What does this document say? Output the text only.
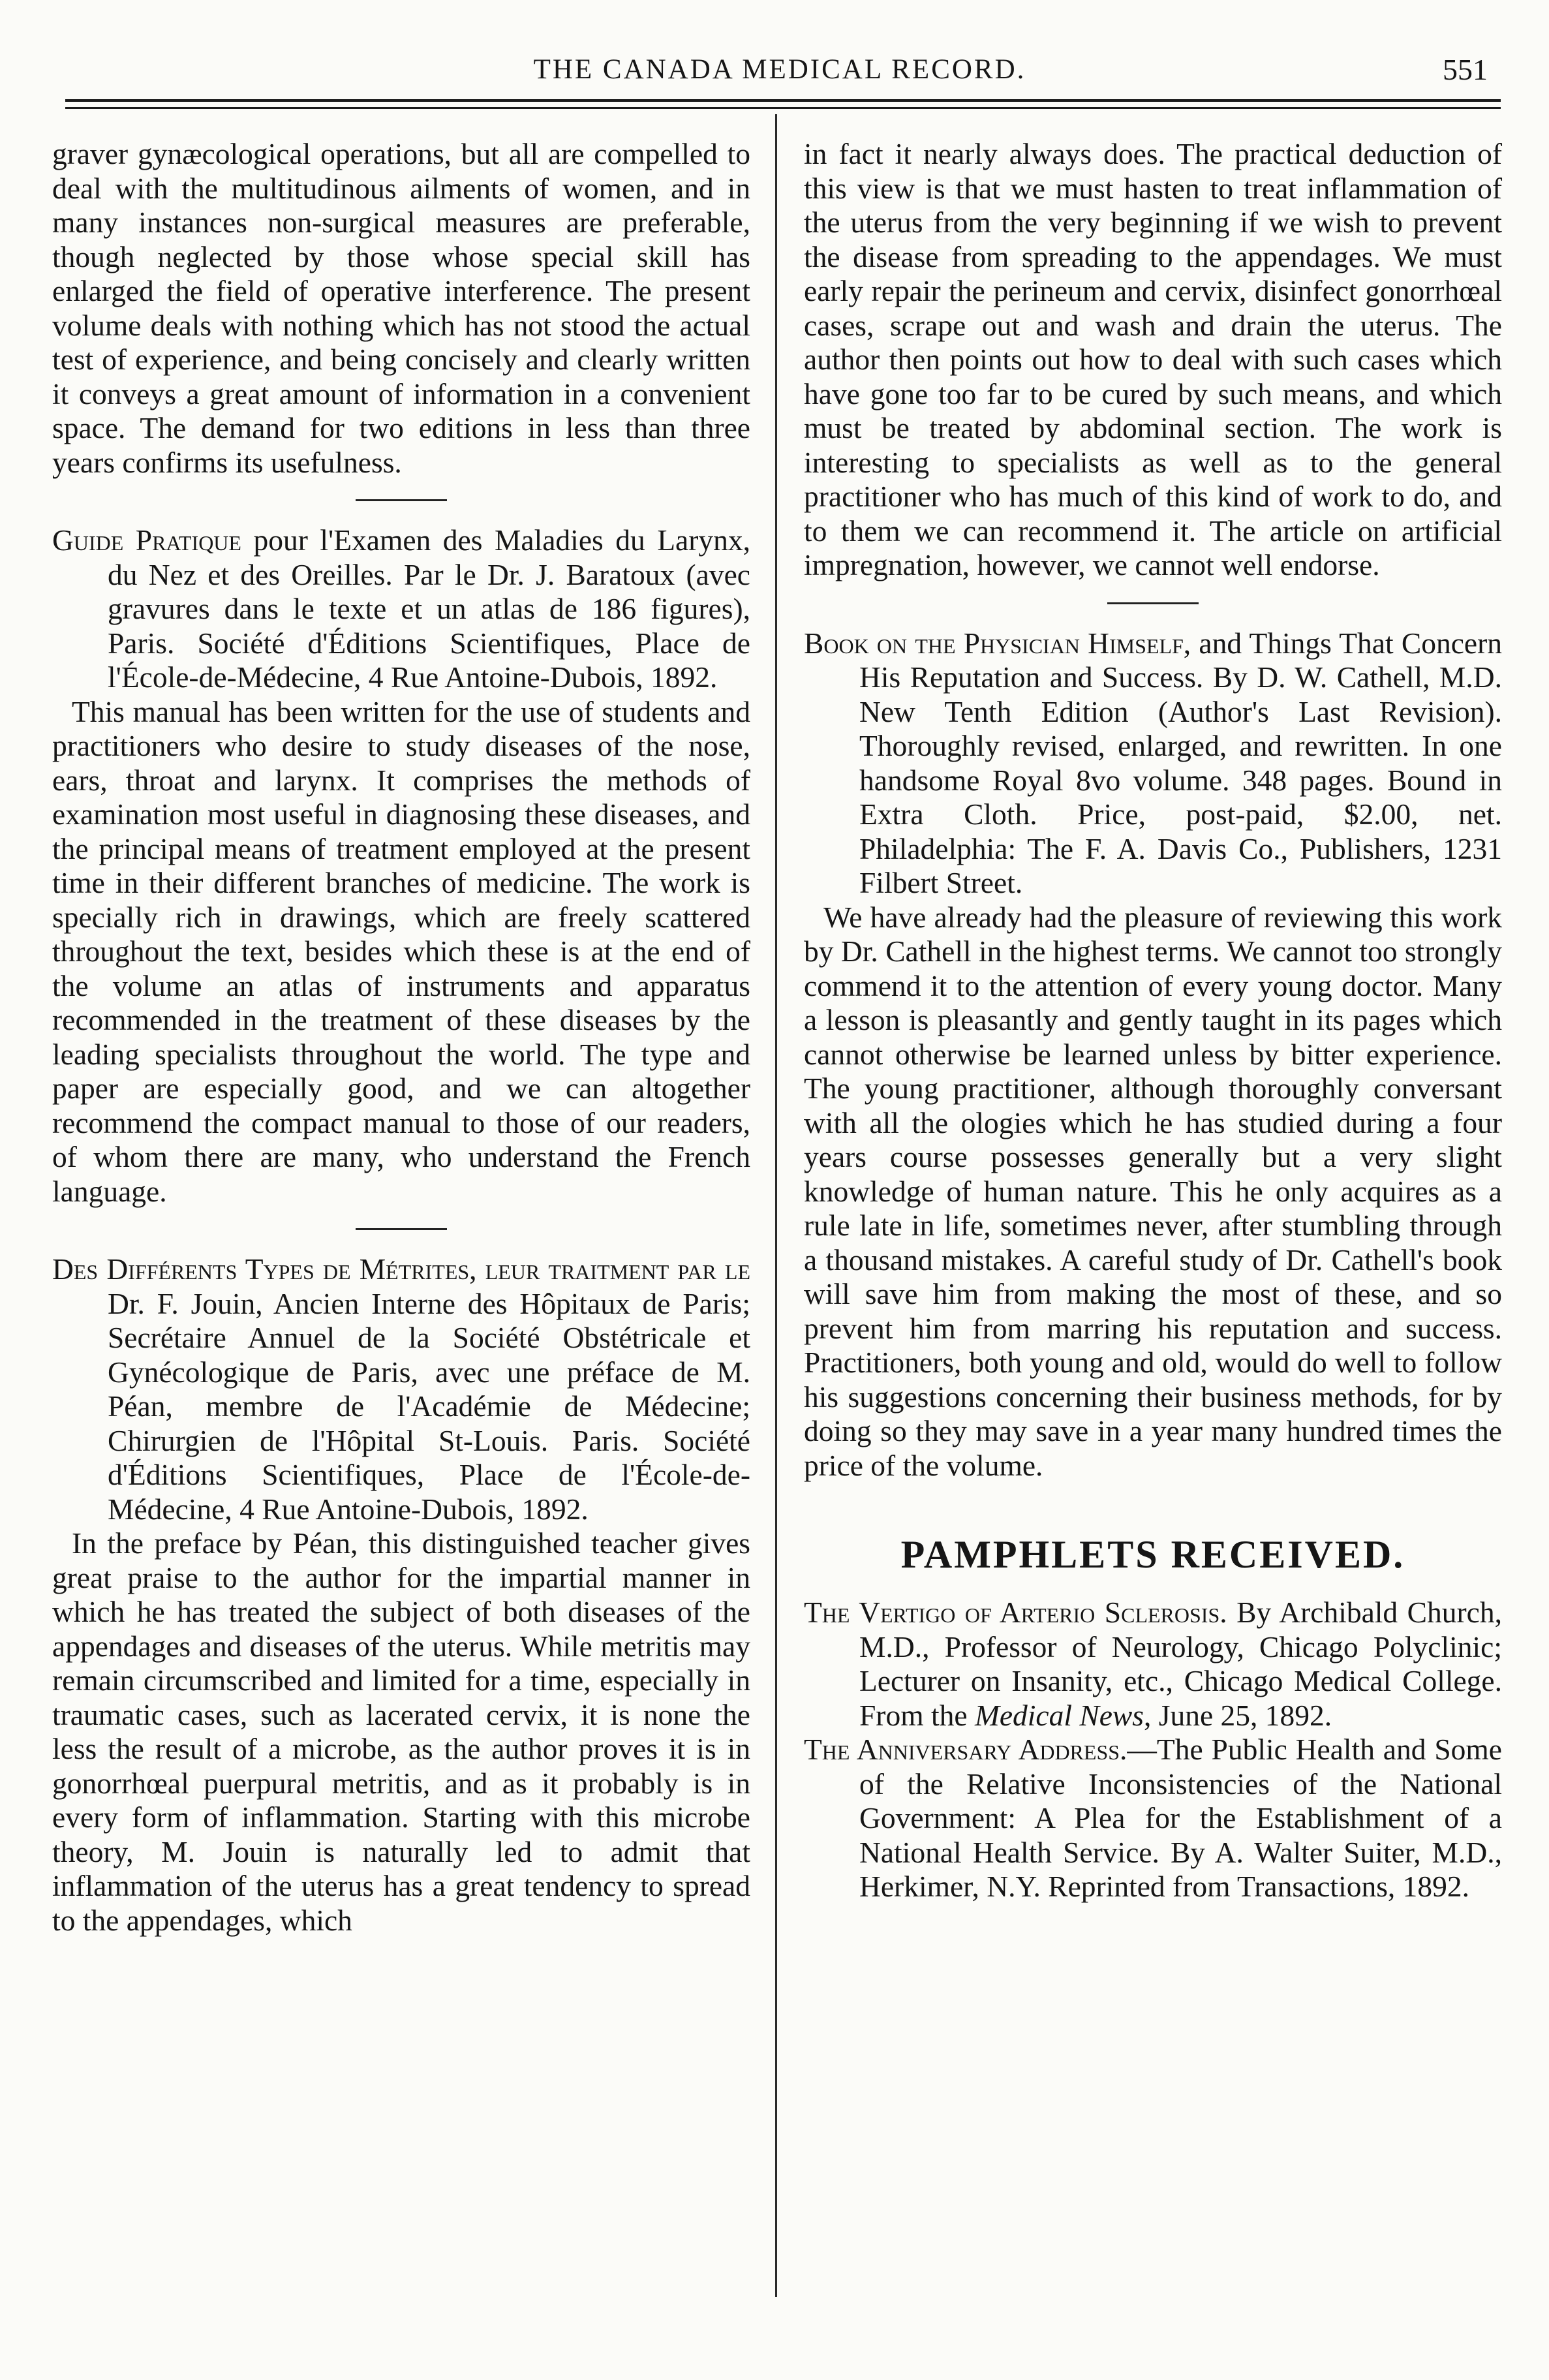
THE CANADA MEDICAL RECORD.	551

graver gynæcological operations, but all are compelled to deal with the multitudinous ailments of women, and in many instances non-surgical measures are preferable, though neglected by those whose special skill has enlarged the field of operative interference. The present volume deals with nothing which has not stood the actual test of experience, and being concisely and clearly written it conveys a great amount of information in a convenient space. The demand for two editions in less than three years confirms its usefulness.

Guide Pratique pour l'Examen des Maladies du Larynx, du Nez et des Oreilles. Par le Dr. J. Baratoux (avec gravures dans le texte et un atlas de 186 figures), Paris. Société d'Éditions Scientifiques, Place de l'École-de-Médecine, 4 Rue Antoine-Dubois, 1892.

This manual has been written for the use of students and practitioners who desire to study diseases of the nose, ears, throat and larynx. It comprises the methods of examination most useful in diagnosing these diseases, and the principal means of treatment employed at the present time in their different branches of medicine. The work is specially rich in drawings, which are freely scattered throughout the text, besides which these is at the end of the volume an atlas of instruments and apparatus recommended in the treatment of these diseases by the leading specialists throughout the world. The type and paper are especially good, and we can altogether recommend the compact manual to those of our readers, of whom there are many, who understand the French language.

Des Différents Types de Métrites, leur traitment par le Dr. F. Jouin, Ancien Interne des Hôpitaux de Paris; Secrétaire Annuel de la Société Obstétricale et Gynécologique de Paris, avec une préface de M. Péan, membre de l'Académie de Médecine; Chirurgien de l'Hôpital St-Louis. Paris. Société d'Éditions Scientifiques, Place de l'École-de-Médecine, 4 Rue Antoine-Dubois, 1892.

In the preface by Péan, this distinguished teacher gives great praise to the author for the impartial manner in which he has treated the subject of both diseases of the appendages and diseases of the uterus. While metritis may remain circumscribed and limited for a time, especially in traumatic cases, such as lacerated cervix, it is none the less the result of a microbe, as the author proves it is in gonorrhœal puerpural metritis, and as it probably is in every form of inflammation. Starting with this microbe theory, M. Jouin is naturally led to admit that inflammation of the uterus has a great tendency to spread to the appendages, which

in fact it nearly always does. The practical deduction of this view is that we must hasten to treat inflammation of the uterus from the very beginning if we wish to prevent the disease from spreading to the appendages. We must early repair the perineum and cervix, disinfect gonorrhœal cases, scrape out and wash and drain the uterus. The author then points out how to deal with such cases which have gone too far to be cured by such means, and which must be treated by abdominal section. The work is interesting to specialists as well as to the general practitioner who has much of this kind of work to do, and to them we can recommend it. The article on artificial impregnation, however, we cannot well endorse.

Book on the Physician Himself, and Things That Concern His Reputation and Success. By D. W. Cathell, M.D. New Tenth Edition (Author's Last Revision). Thoroughly revised, enlarged, and rewritten. In one handsome Royal 8vo volume. 348 pages. Bound in Extra Cloth. Price, post-paid, $2.00, net. Philadelphia: The F. A. Davis Co., Publishers, 1231 Filbert Street.

We have already had the pleasure of reviewing this work by Dr. Cathell in the highest terms. We cannot too strongly commend it to the attention of every young doctor. Many a lesson is pleasantly and gently taught in its pages which cannot otherwise be learned unless by bitter experience. The young practitioner, although thoroughly conversant with all the ologies which he has studied during a four years course possesses generally but a very slight knowledge of human nature. This he only acquires as a rule late in life, sometimes never, after stumbling through a thousand mistakes. A careful study of Dr. Cathell's book will save him from making the most of these, and so prevent him from marring his reputation and success. Practitioners, both young and old, would do well to follow his suggestions concerning their business methods, for by doing so they may save in a year many hundred times the price of the volume.

PAMPHLETS RECEIVED.

The Vertigo of Arterio Sclerosis. By Archibald Church, M.D., Professor of Neurology, Chicago Polyclinic; Lecturer on Insanity, etc., Chicago Medical College. From the Medical News, June 25, 1892.

The Anniversary Address.—The Public Health and Some of the Relative Inconsistencies of the National Government: A Plea for the Establishment of a National Health Service. By A. Walter Suiter, M.D., Herkimer, N.Y. Reprinted from Transactions, 1892.
